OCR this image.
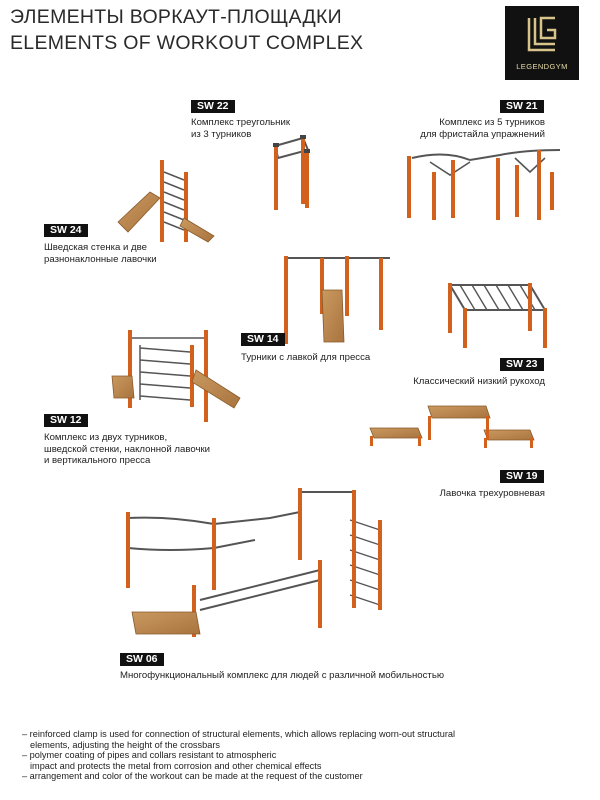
ЭЛЕМЕНТЫ ВОРКАУТ-ПЛОЩАДКИ
ELEMENTS OF WORKOUT COMPLEX
LEGENDGYM
SW 22
Комплекс треугольник
из 3 турников
SW 21
Комплекс из 5 турников
для фристайла упражнений
SW 24
Шведская стенка и две
разнонаклонные лавочки
SW 14
Турники с лавкой для пресса
SW 23
Классический низкий рукоход
SW 12
Комплекс из двух турников,
шведской стенки, наклонной лавочки
и вертикального пресса
SW 19
Лавочка трехуровневая
SW 06
Многофункциональный комплекс для людей с различной мобильностью
– reinforced clamp is used for connection of structural elements, which allows replacing worn-out structural
elements, adjusting the height of the crossbars
– polymer coating of pipes and collars resistant to atmospheric
impact and protects the metal from corrosion and other chemical effects
– arrangement and color of the workout can be made at the request of the customer
